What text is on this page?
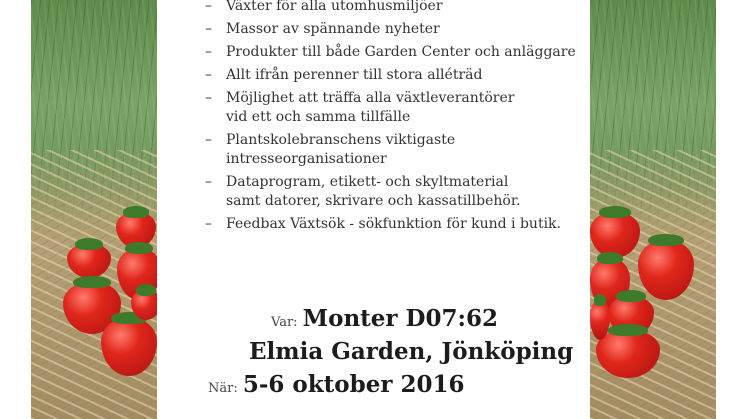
– Växter för alla utomhusmiljöer
– Massor av spännande nyheter
– Produkter till både Garden Center och anläggare
– Allt ifrån perenner till stora alléträd
– Möjlighet att träffa alla växtleverantörer
vid ett och samma tillfälle
– Plantskolebranschens viktigaste
intresseorganisationer
– Dataprogram, etikett- och skyltmaterial
samt datorer, skrivare och kassatillbehör.
– Feedbax Växtsök - sökfunktion för kund i butik.
Var: Monter D07:62
Elmia Garden, Jönköping
När: 5-6 oktober 2016
